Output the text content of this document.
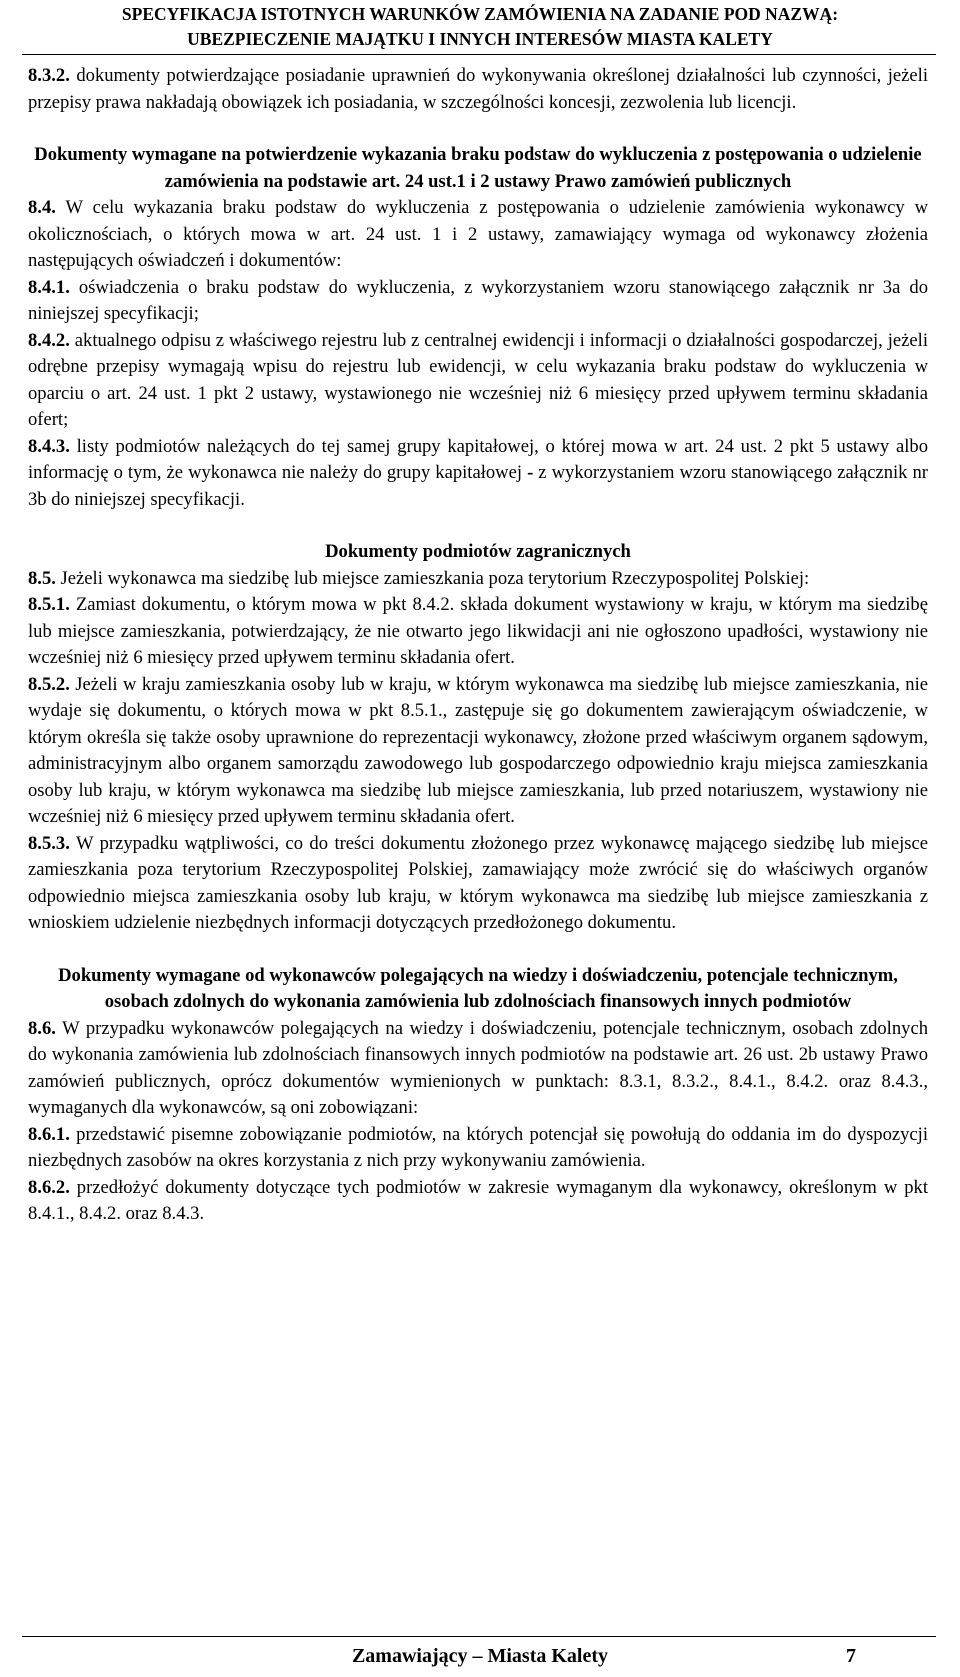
SPECYFIKACJA ISTOTNYCH WARUNKÓW ZAMÓWIENIA NA ZADANIE POD NAZWĄ:
UBEZPIECZENIE MAJĄTKU I INNYCH INTERESÓW MIASTA KALETY

8.3.2. dokumenty potwierdzające posiadanie uprawnień do wykonywania określonej działalności lub czynności, jeżeli przepisy prawa nakładają obowiązek ich posiadania, w szczególności koncesji, zezwolenia lub licencji.

Dokumenty wymagane na potwierdzenie wykazania braku podstaw do wykluczenia z postępowania o udzielenie zamówienia na podstawie art. 24 ust.1 i 2 ustawy Prawo zamówień publicznych

8.4. W celu wykazania braku podstaw do wykluczenia z postępowania o udzielenie zamówienia wykonawcy w okolicznościach, o których mowa w art. 24 ust. 1 i 2 ustawy, zamawiający wymaga od wykonawcy złożenia następujących oświadczeń i dokumentów:

8.4.1. oświadczenia o braku podstaw do wykluczenia, z wykorzystaniem wzoru stanowiącego załącznik nr 3a do niniejszej specyfikacji;

8.4.2. aktualnego odpisu z właściwego rejestru lub z centralnej ewidencji i informacji o działalności gospodarczej, jeżeli odrębne przepisy wymagają wpisu do rejestru lub ewidencji, w celu wykazania braku podstaw do wykluczenia w oparciu o art. 24 ust. 1 pkt 2 ustawy, wystawionego nie wcześniej niż 6 miesięcy przed upływem terminu składania ofert;

8.4.3. listy podmiotów należących do tej samej grupy kapitałowej, o której mowa w art. 24 ust. 2 pkt 5 ustawy albo informację o tym, że wykonawca nie należy do grupy kapitałowej - z wykorzystaniem wzoru stanowiącego załącznik nr 3b do niniejszej specyfikacji.

Dokumenty podmiotów zagranicznych

8.5. Jeżeli wykonawca ma siedzibę lub miejsce zamieszkania poza terytorium Rzeczypospolitej Polskiej:

8.5.1. Zamiast dokumentu, o którym mowa w pkt 8.4.2. składa dokument wystawiony w kraju, w którym ma siedzibę lub miejsce zamieszkania, potwierdzający, że nie otwarto jego likwidacji ani nie ogłoszono upadłości, wystawiony nie wcześniej niż 6 miesięcy przed upływem terminu składania ofert.

8.5.2. Jeżeli w kraju zamieszkania osoby lub w kraju, w którym wykonawca ma siedzibę lub miejsce zamieszkania, nie wydaje się dokumentu, o których mowa w pkt 8.5.1., zastępuje się go dokumentem zawierającym oświadczenie, w którym określa się także osoby uprawnione do reprezentacji wykonawcy, złożone przed właściwym organem sądowym, administracyjnym albo organem samorządu zawodowego lub gospodarczego odpowiednio kraju miejsca zamieszkania osoby lub kraju, w którym wykonawca ma siedzibę lub miejsce zamieszkania, lub przed notariuszem, wystawiony nie wcześniej niż 6 miesięcy przed upływem terminu składania ofert.

8.5.3. W przypadku wątpliwości, co do treści dokumentu złożonego przez wykonawcę mającego siedzibę lub miejsce zamieszkania poza terytorium Rzeczypospolitej Polskiej, zamawiający może zwrócić się do właściwych organów odpowiednio miejsca zamieszkania osoby lub kraju, w którym wykonawca ma siedzibę lub miejsce zamieszkania z wnioskiem udzielenie niezbędnych informacji dotyczących przedłożonego dokumentu.

Dokumenty wymagane od wykonawców polegających na wiedzy i doświadczeniu, potencjale technicznym, osobach zdolnych do wykonania zamówienia lub zdolnościach finansowych innych podmiotów

8.6. W przypadku wykonawców polegających na wiedzy i doświadczeniu, potencjale technicznym, osobach zdolnych do wykonania zamówienia lub zdolnościach finansowych innych podmiotów na podstawie art. 26 ust. 2b ustawy Prawo zamówień publicznych, oprócz dokumentów wymienionych w punktach: 8.3.1, 8.3.2., 8.4.1., 8.4.2. oraz 8.4.3., wymaganych dla wykonawców, są oni zobowiązani:

8.6.1. przedstawić pisemne zobowiązanie podmiotów, na których potencjał się powołują do oddania im do dyspozycji niezbędnych zasobów na okres korzystania z nich przy wykonywaniu zamówienia.

8.6.2. przedłożyć dokumenty dotyczące tych podmiotów w zakresie wymaganym dla wykonawcy, określonym w pkt 8.4.1., 8.4.2. oraz 8.4.3.

Zamawiający – Miasta Kalety	7
